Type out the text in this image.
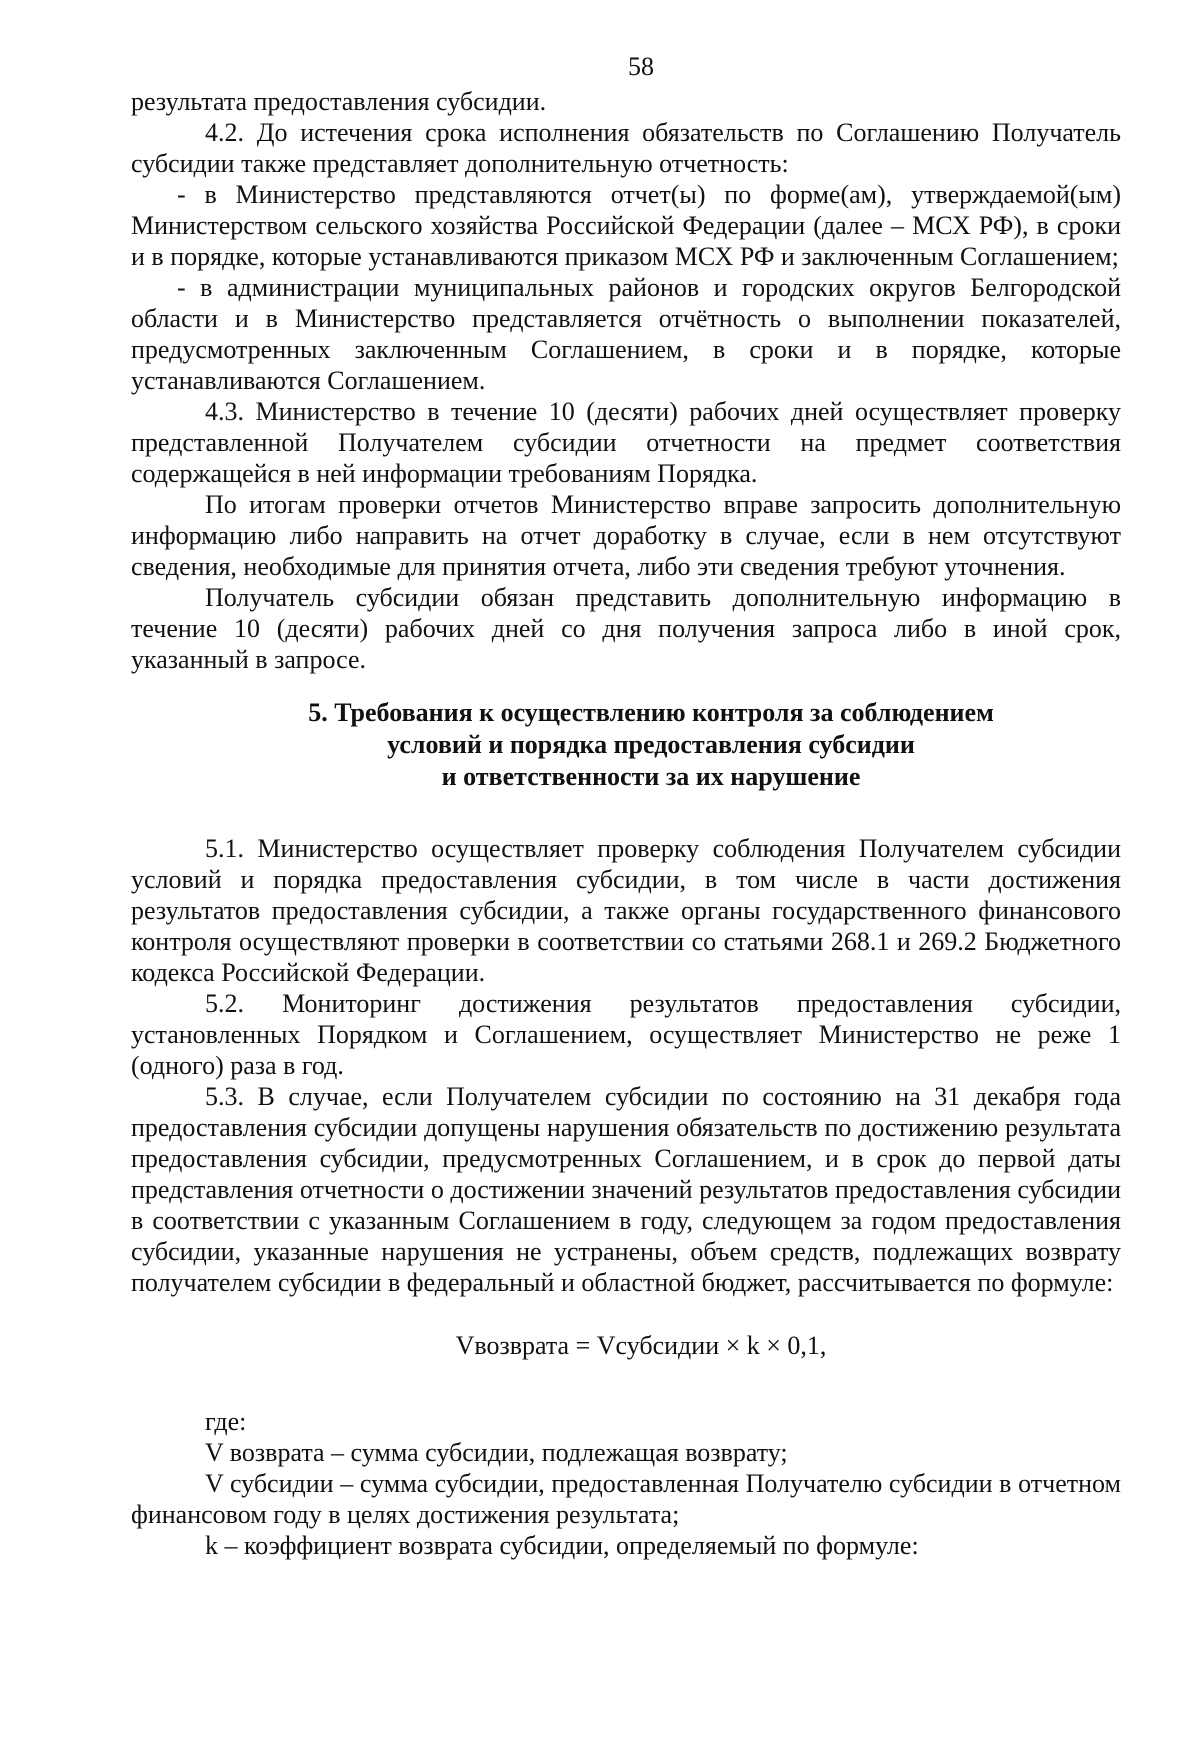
58

результата предоставления субсидии.

4.2. До истечения срока исполнения обязательств по Соглашению Получатель субсидии также представляет дополнительную отчетность:

- в Министерство представляются отчет(ы) по форме(ам), утверждаемой(ым) Министерством сельского хозяйства Российской Федерации (далее – МСХ РФ), в сроки и в порядке, которые устанавливаются приказом МСХ РФ и заключенным Соглашением;

- в администрации муниципальных районов и городских округов Белгородской области и в Министерство представляется отчётность о выполнении показателей, предусмотренных заключенным Соглашением, в сроки и в порядке, которые устанавливаются Соглашением.

4.3. Министерство в течение 10 (десяти) рабочих дней осуществляет проверку представленной Получателем субсидии отчетности на предмет соответствия содержащейся в ней информации требованиям Порядка.

По итогам проверки отчетов Министерство вправе запросить дополнительную информацию либо направить на отчет доработку в случае, если в нем отсутствуют сведения, необходимые для принятия отчета, либо эти сведения требуют уточнения.

Получатель субсидии обязан представить дополнительную информацию в течение 10 (десяти) рабочих дней со дня получения запроса либо в иной срок, указанный в запросе.

5. Требования к осуществлению контроля за соблюдением
условий и порядка предоставления субсидии
и ответственности за их нарушение

5.1. Министерство осуществляет проверку соблюдения Получателем субсидии условий и порядка предоставления субсидии, в том числе в части достижения результатов предоставления субсидии, а также органы государственного финансового контроля осуществляют проверки в соответствии со статьями 268.1 и 269.2 Бюджетного кодекса Российской Федерации.

5.2. Мониторинг достижения результатов предоставления субсидии, установленных Порядком и Соглашением, осуществляет Министерство не реже 1 (одного) раза в год.

5.3. В случае, если Получателем субсидии по состоянию на 31 декабря года предоставления субсидии допущены нарушения обязательств по достижению результата предоставления субсидии, предусмотренных Соглашением, и в срок до первой даты представления отчетности о достижении значений результатов предоставления субсидии в соответствии с указанным Соглашением в году, следующем за годом предоставления субсидии, указанные нарушения не устранены, объем средств, подлежащих возврату получателем субсидии в федеральный и областной бюджет, рассчитывается по формуле:

Vвозврата = Vсубсидии × k × 0,1,

где:

V возврата – сумма субсидии, подлежащая возврату;

V субсидии – сумма субсидии, предоставленная Получателю субсидии в отчетном финансовом году в целях достижения результата;

k – коэффициент возврата субсидии, определяемый по формуле:
